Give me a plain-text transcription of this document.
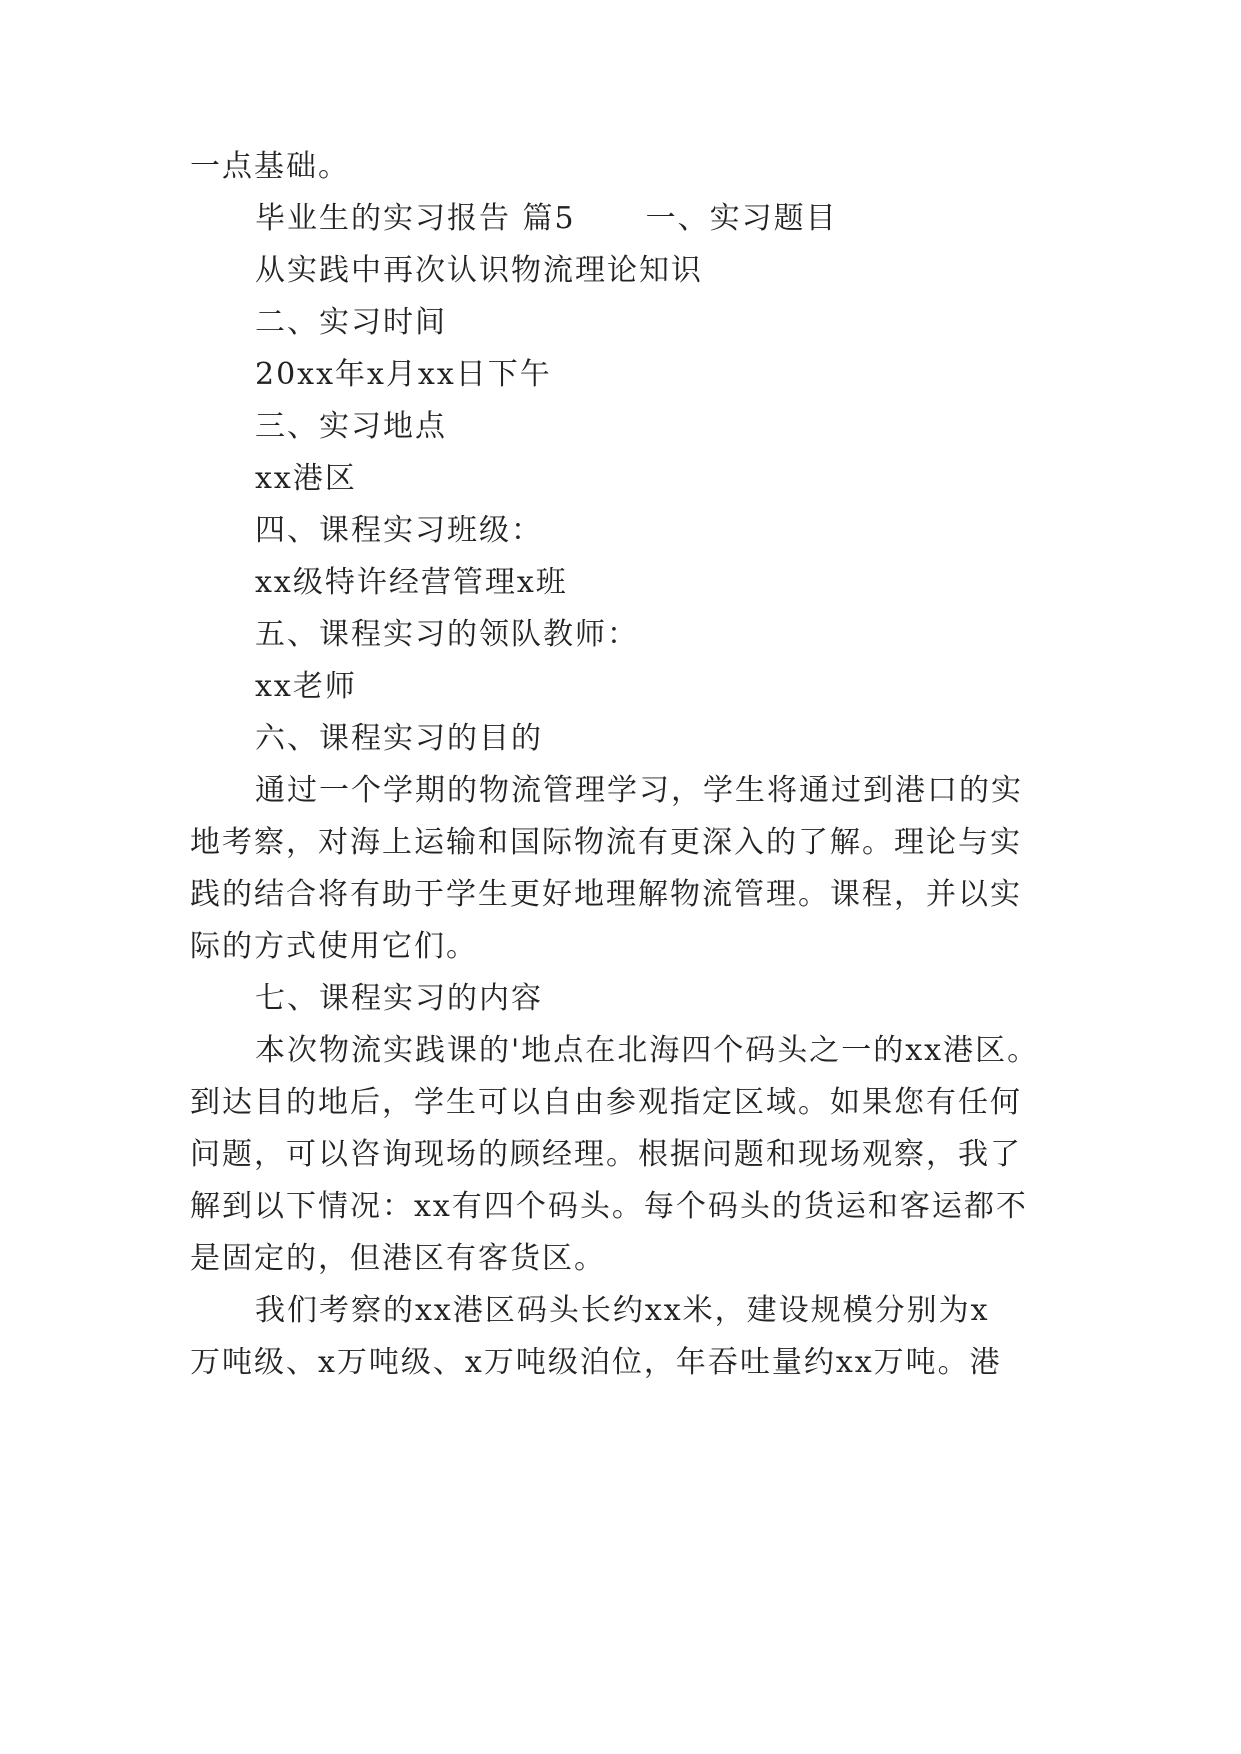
一点基础。

毕业生的实习报告 篇5 一、实习题目

从实践中再次认识物流理论知识

二、实习时间

20xx年x月xx日下午

三、实习地点

xx港区

四、课程实习班级：

xx级特许经营管理x班

五、课程实习的领队教师：

xx老师

六、课程实习的目的

通过一个学期的物流管理学习，学生将通过到港口的实

地考察，对海上运输和国际物流有更深入的了解。理论与实

践的结合将有助于学生更好地理解物流管理。课程，并以实

际的方式使用它们。

七、课程实习的内容

本次物流实践课的'地点在北海四个码头之一的xx港区。

到达目的地后，学生可以自由参观指定区域。如果您有任何

问题，可以咨询现场的顾经理。根据问题和现场观察，我了

解到以下情况：xx有四个码头。每个码头的货运和客运都不

是固定的，但港区有客货区。

我们考察的xx港区码头长约xx米，建设规模分别为x

万吨级、x万吨级、x万吨级泊位，年吞吐量约xx万吨。港
